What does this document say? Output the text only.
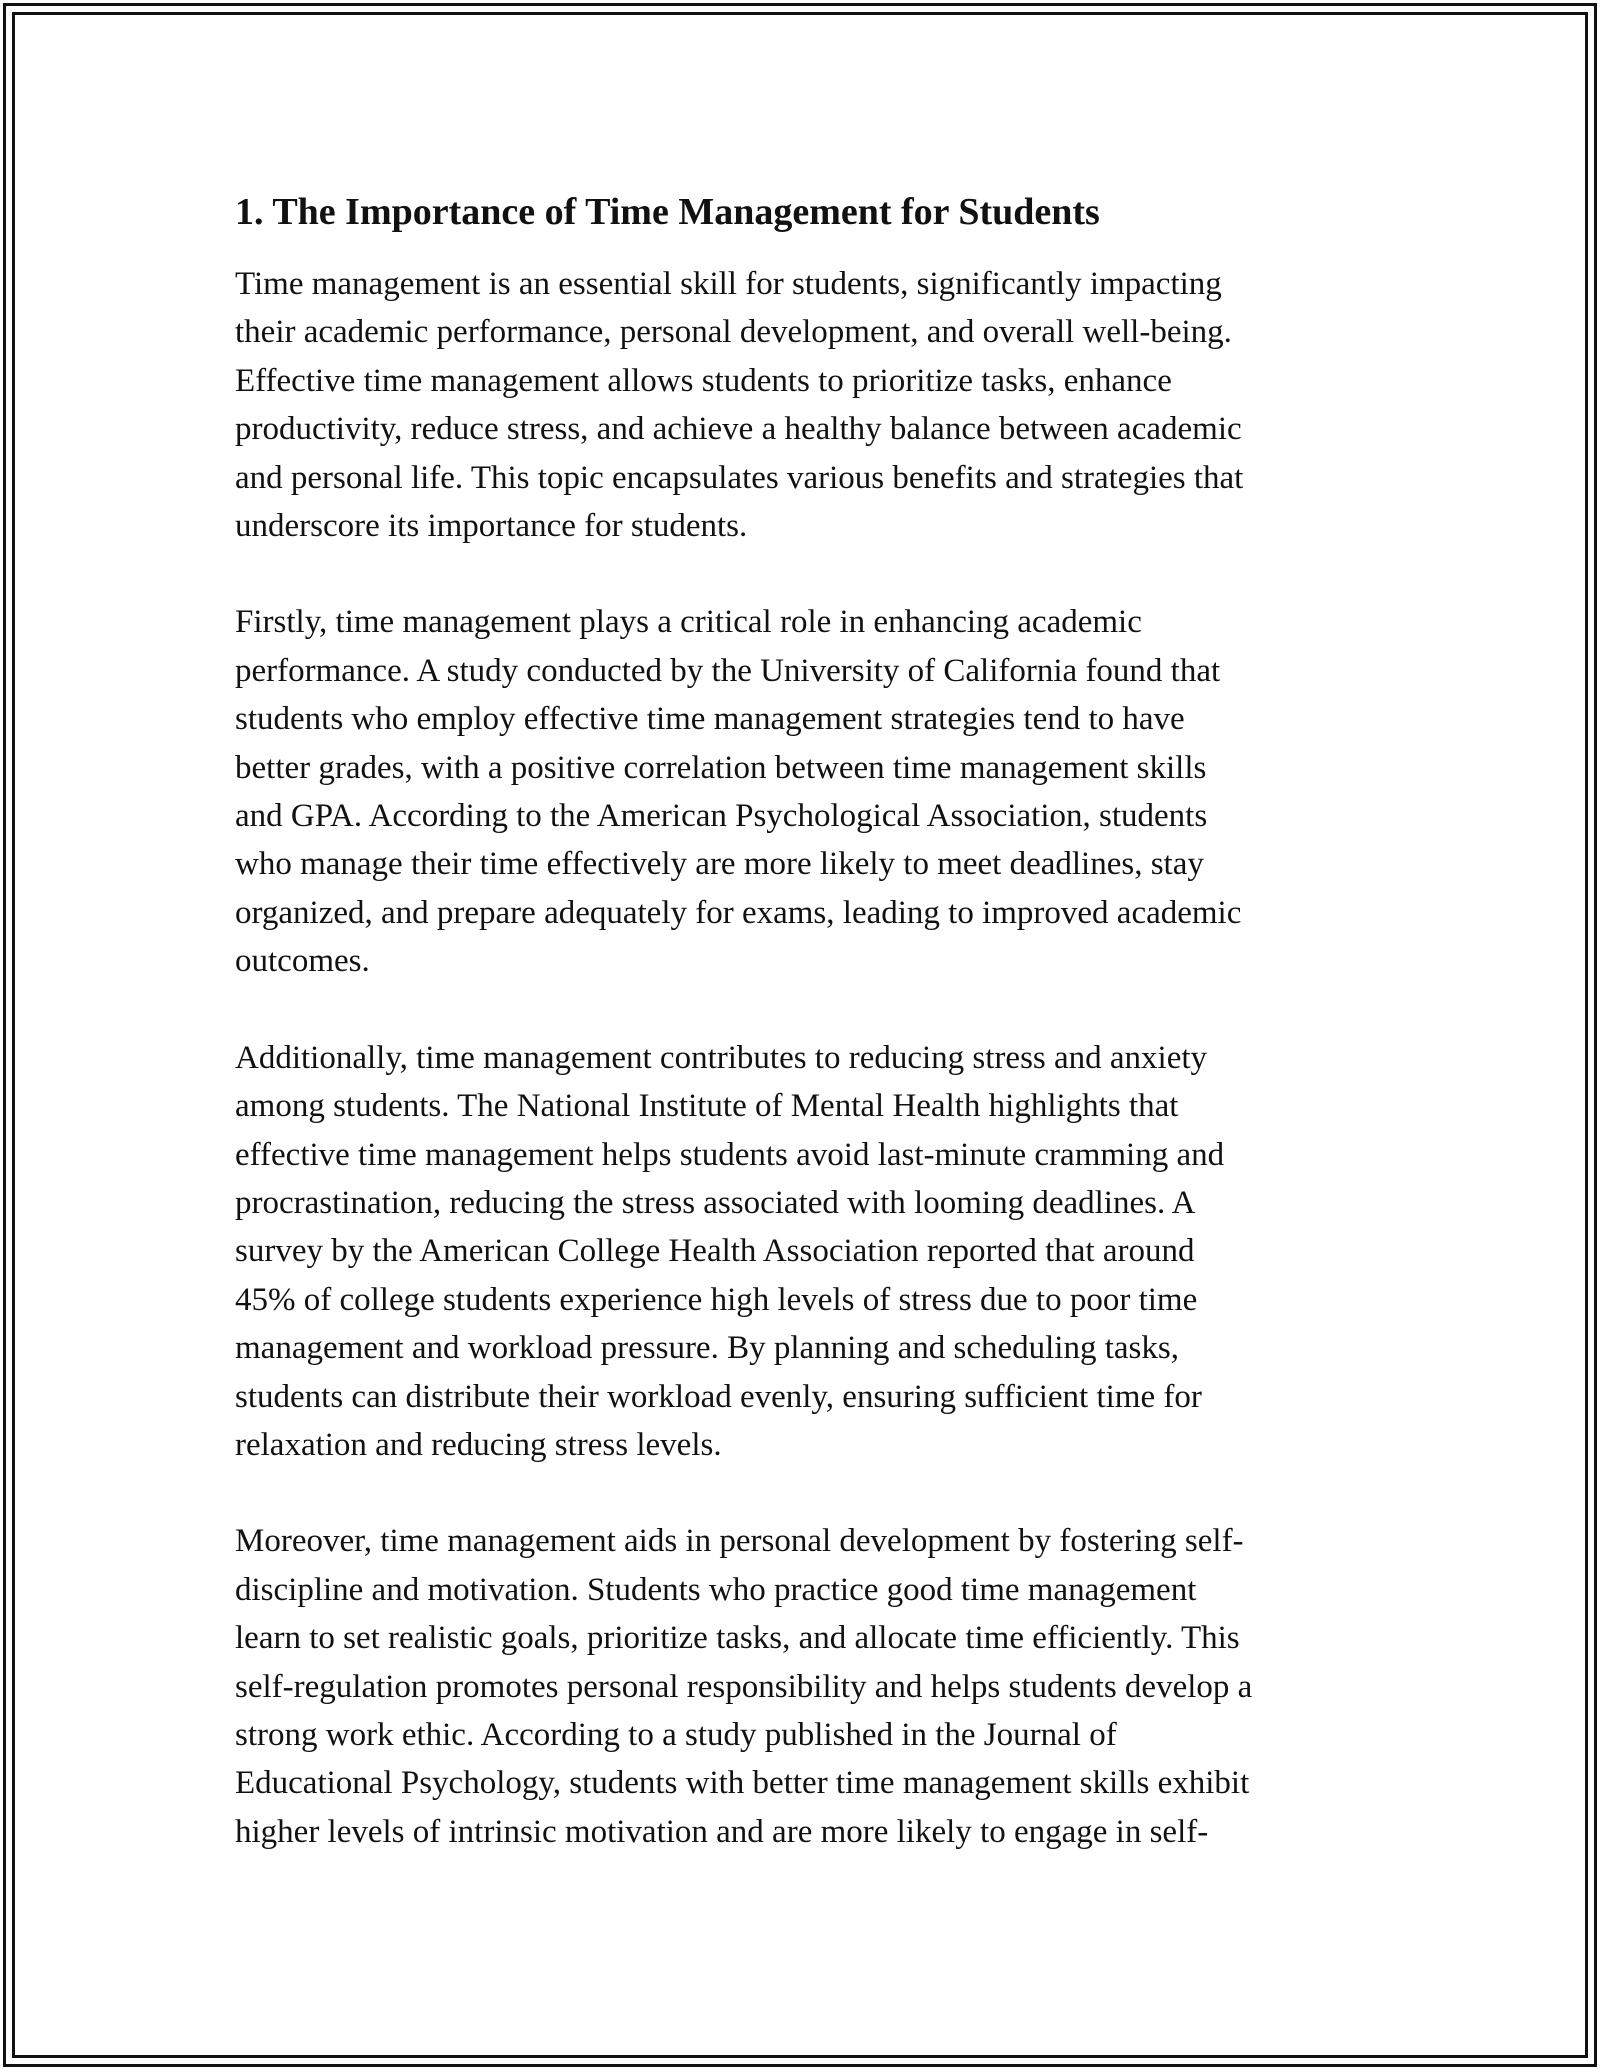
1. The Importance of Time Management for Students
Time management is an essential skill for students, significantly impacting
their academic performance, personal development, and overall well-being.
Effective time management allows students to prioritize tasks, enhance
productivity, reduce stress, and achieve a healthy balance between academic
and personal life. This topic encapsulates various benefits and strategies that
underscore its importance for students.
Firstly, time management plays a critical role in enhancing academic
performance. A study conducted by the University of California found that
students who employ effective time management strategies tend to have
better grades, with a positive correlation between time management skills
and GPA. According to the American Psychological Association, students
who manage their time effectively are more likely to meet deadlines, stay
organized, and prepare adequately for exams, leading to improved academic
outcomes.
Additionally, time management contributes to reducing stress and anxiety
among students. The National Institute of Mental Health highlights that
effective time management helps students avoid last-minute cramming and
procrastination, reducing the stress associated with looming deadlines. A
survey by the American College Health Association reported that around
45% of college students experience high levels of stress due to poor time
management and workload pressure. By planning and scheduling tasks,
students can distribute their workload evenly, ensuring sufficient time for
relaxation and reducing stress levels.
Moreover, time management aids in personal development by fostering self-
discipline and motivation. Students who practice good time management
learn to set realistic goals, prioritize tasks, and allocate time efficiently. This
self-regulation promotes personal responsibility and helps students develop a
strong work ethic. According to a study published in the Journal of
Educational Psychology, students with better time management skills exhibit
higher levels of intrinsic motivation and are more likely to engage in self-
